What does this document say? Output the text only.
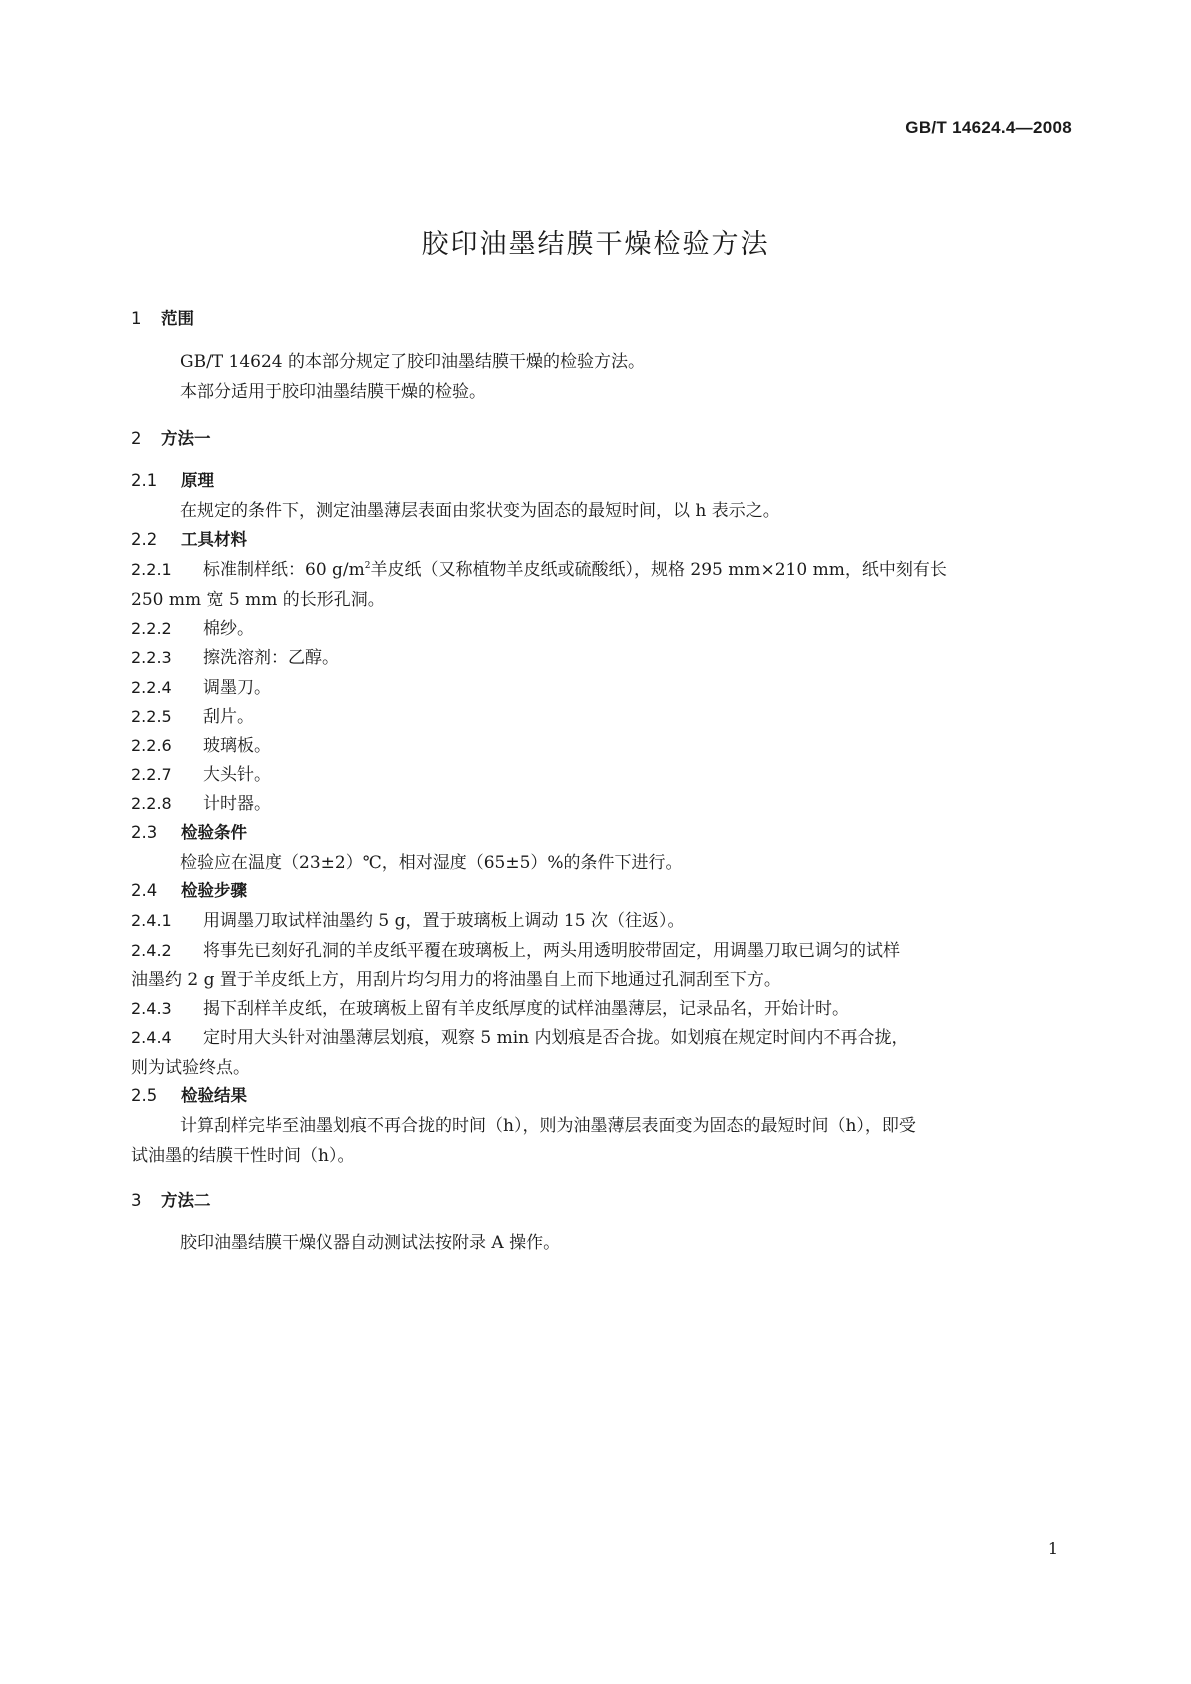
GB/T 14624.4—2008
胶印油墨结膜干燥检验方法
1 范围
GB/T 14624 的本部分规定了胶印油墨结膜干燥的检验方法。
本部分适用于胶印油墨结膜干燥的检验。
2 方法一
2.1 原理
在规定的条件下，测定油墨薄层表面由浆状变为固态的最短时间，以 h 表示之。
2.2 工具材料
2.2.1 标准制样纸：60 $g/m^2$羊皮纸（又称植物羊皮纸或硫酸纸），规格 295 mm×210 mm，纸中刻有长
250 mm 宽 5 mm 的长形孔洞。
2.2.2 棉纱。
2.2.3 擦洗溶剂：乙醇。
2.2.4 调墨刀。
2.2.5 刮片。
2.2.6 玻璃板。
2.2.7 大头针。
2.2.8 计时器。
2.3 检验条件
检验应在温度（23±2）℃，相对湿度（65±5）%的条件下进行。
2.4 检验步骤
2.4.1 用调墨刀取试样油墨约 5 g，置于玻璃板上调动 15 次（往返）。
2.4.2 将事先已刻好孔洞的羊皮纸平覆在玻璃板上，两头用透明胶带固定，用调墨刀取已调匀的试样
油墨约 2 g 置于羊皮纸上方，用刮片均匀用力的将油墨自上而下地通过孔洞刮至下方。
2.4.3 揭下刮样羊皮纸，在玻璃板上留有羊皮纸厚度的试样油墨薄层，记录品名，开始计时。
2.4.4 定时用大头针对油墨薄层划痕，观察 5 min 内划痕是否合拢。如划痕在规定时间内不再合拢，
则为试验终点。
2.5 检验结果
计算刮样完毕至油墨划痕不再合拢的时间（h），则为油墨薄层表面变为固态的最短时间（h），即受
试油墨的结膜干性时间（h）。
3 方法二
胶印油墨结膜干燥仪器自动测试法按附录 A 操作。
1
